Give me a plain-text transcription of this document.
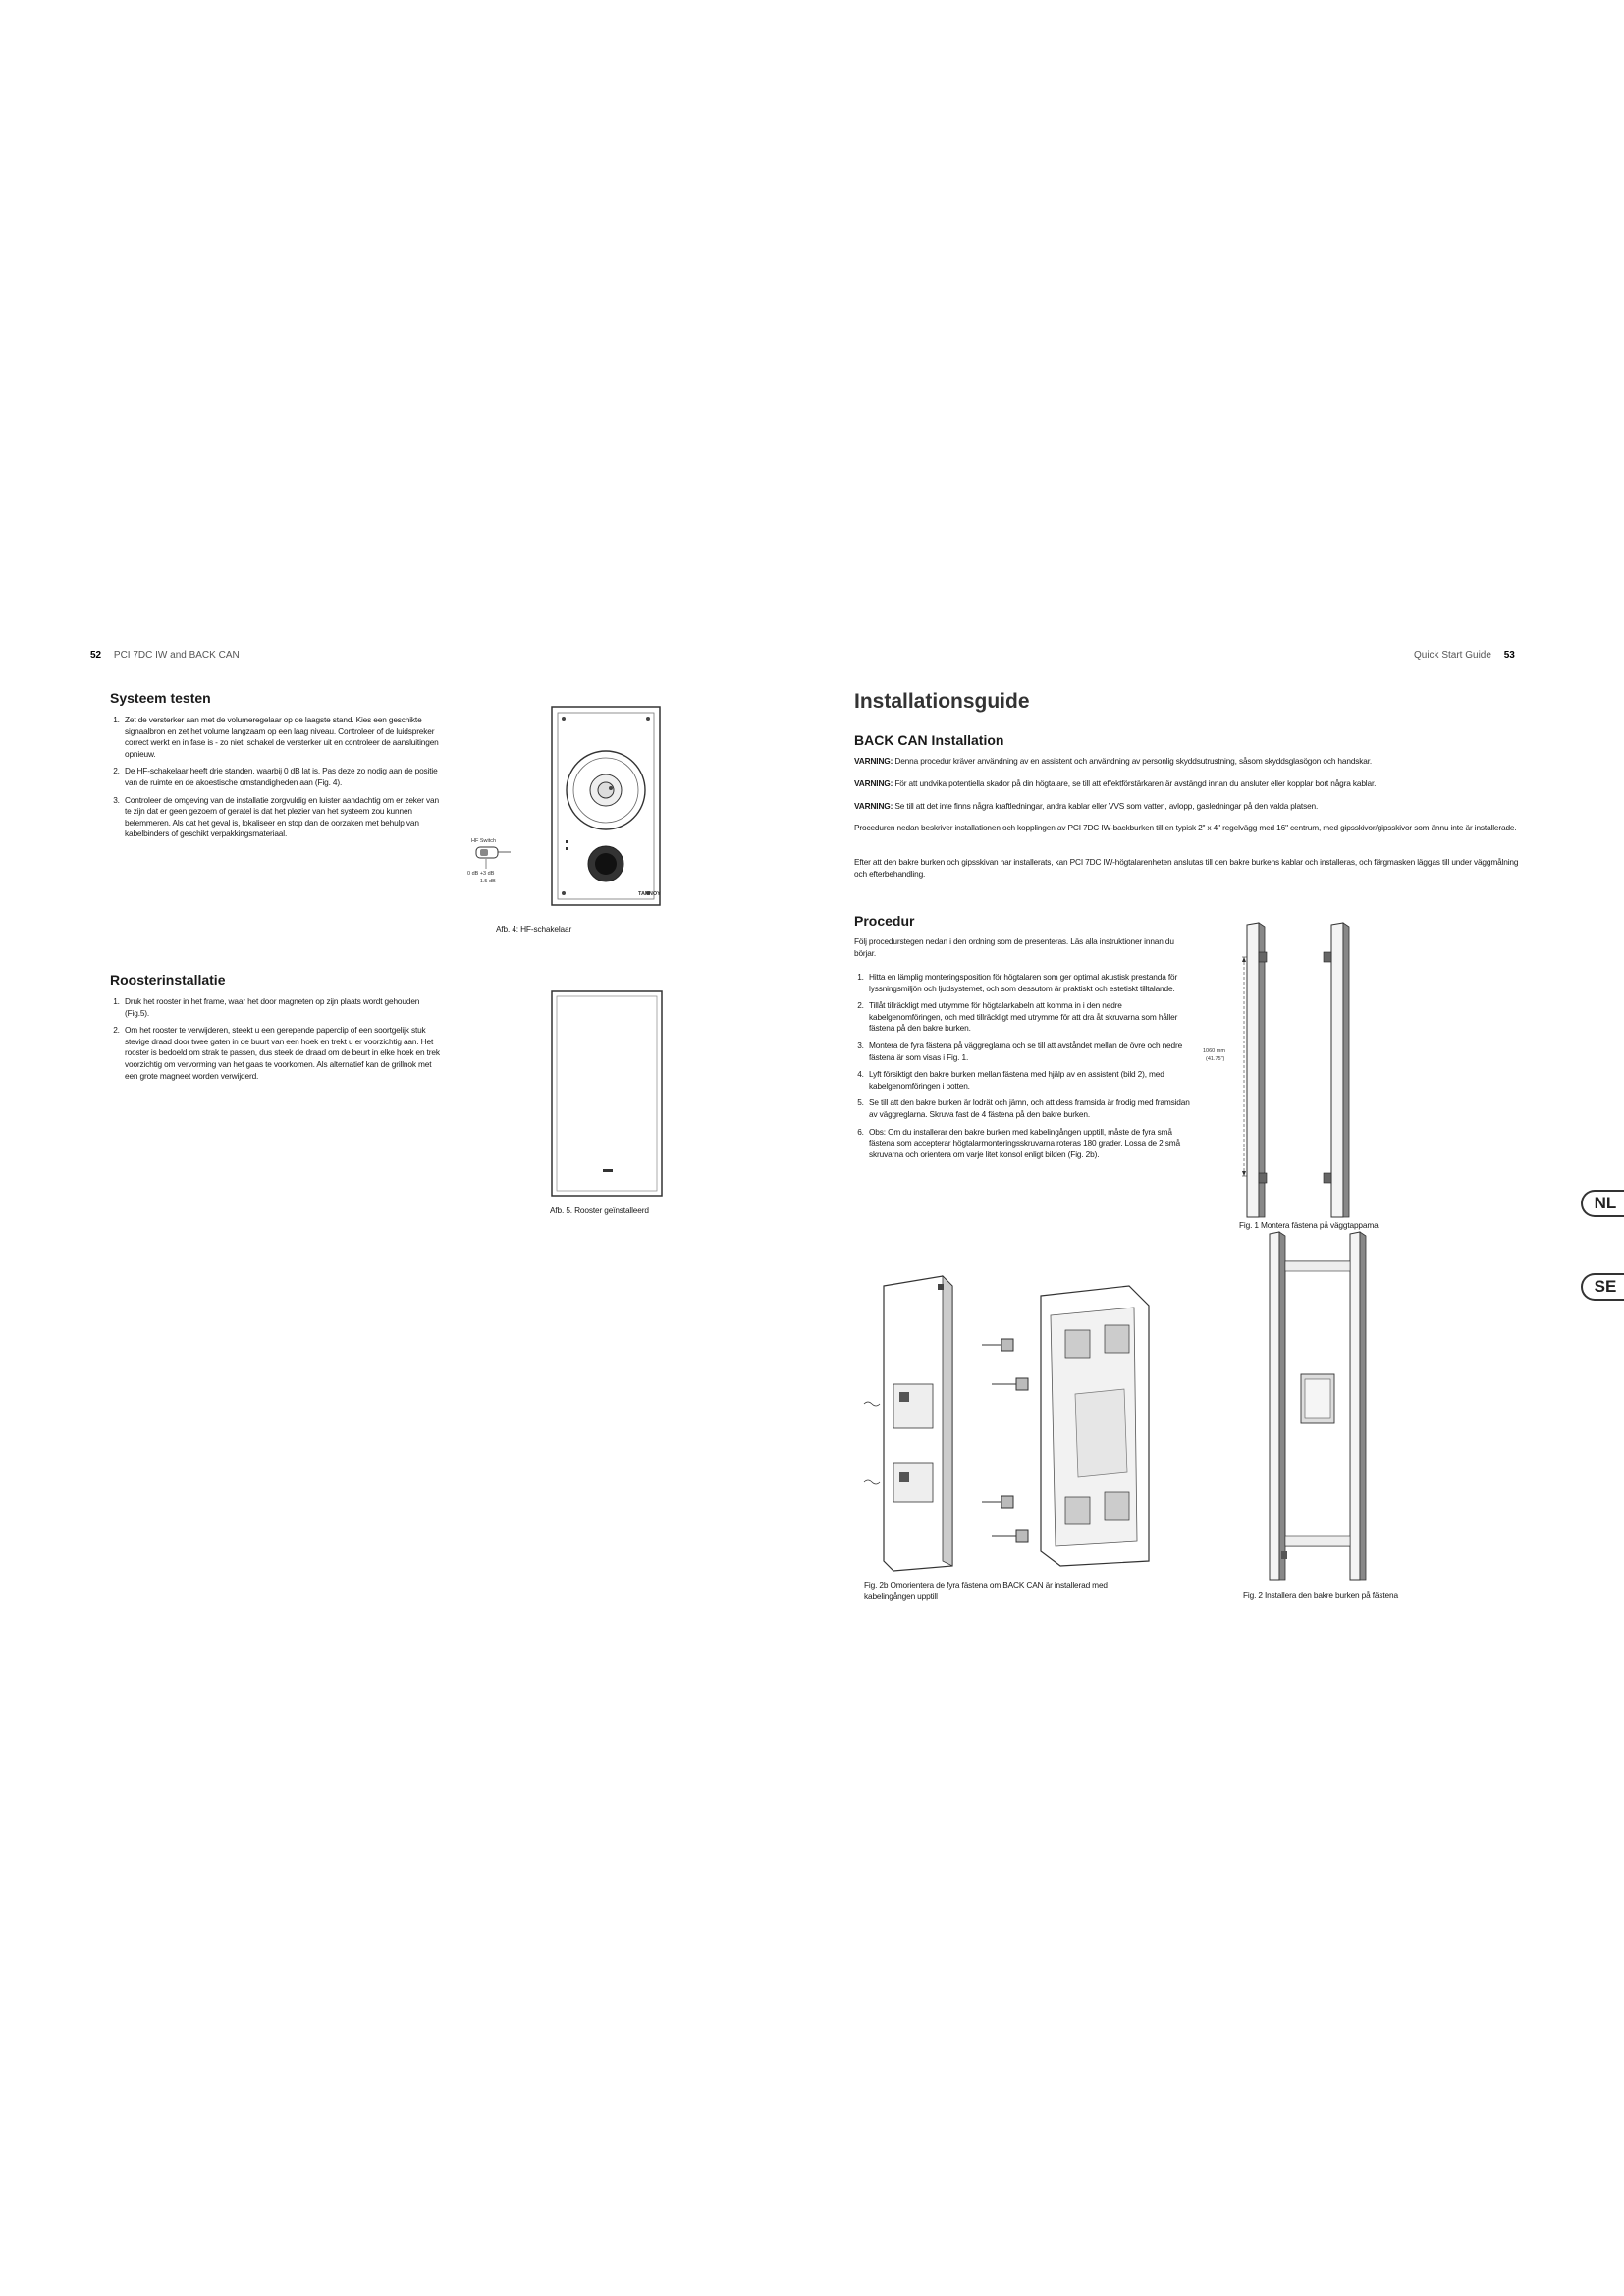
52 PCI 7DC IW and BACK CAN	Quick Start Guide 53
Systeem testen
1. Zet de versterker aan met de volumeregelaar op de laagste stand. Kies een geschikte signaalbron en zet het volume langzaam op een laag niveau. Controleer of de luidspreker correct werkt en in fase is - zo niet, schakel de versterker uit en controleer de aansluitingen opnieuw.
2. De HF-schakelaar heeft drie standen, waarbij 0 dB lat is. Pas deze zo nodig aan de positie van de ruimte en de akoestische omstandigheden aan (Fig. 4).
3. Controleer de omgeving van de installatie zorgvuldig en luister aandachtig om er zeker van te zijn dat er geen gezoem of geratel is dat het plezier van het systeem zou kunnen belemmeren. Als dat het geval is, lokaliseer en stop dan de oorzaken met behulp van kabelbinders of geschikt verpakkingsmateriaal.
TANNOY
HF Switch
0 dB +3 dB
-1.5 dB
Afb. 4: HF-schakelaar
Roosterinstallatie
1. Druk het rooster in het frame, waar het door magneten op zijn plaats wordt gehouden (Fig.5).
2. Om het rooster te verwijderen, steekt u een gerepende paperclip of een soortgelijk stuk stevige draad door twee gaten in de buurt van een hoek en trekt u er voorzichtig aan. Het rooster is bedoeld om strak te passen, dus steek de draad om de beurt in elke hoek en trek voorzichtig om vervorming van het gaas te voorkomen. Als alternatief kan de grillnok met een grote magneet worden verwijderd.
Afb. 5. Rooster geïnstalleerd
Installationsguide
BACK CAN Installation

VARNING: Denna procedur kräver användning av en assistent och användning av personlig skyddsutrustning, såsom skyddsglasögon och handskar.

VARNING: För att undvika potentiella skador på din högtalare, se till att effektförstärkaren är avstängd innan du ansluter eller kopplar bort några kablar.

VARNING: Se till att det inte finns några kraftledningar, andra kablar eller VVS som vatten, avlopp, gasledningar på den valda platsen.

Proceduren nedan beskriver installationen och kopplingen av PCI 7DC IW-backburken till en typisk 2" x 4" regelvägg med 16" centrum, med gipsskivor/gipsskivor som ännu inte är installerade.

Efter att den bakre burken och gipsskivan har installerats, kan PCI 7DC IW-högtalarenheten anslutas till den bakre burkens kablar och installeras, och färgmasken läggas till under väggmålning och efterbehandling.

Procedur

Följ procedurstegen nedan i den ordning som de presenteras. Läs alla instruktioner innan du börjar.

1. Hitta en lämplig monteringsposition för högtalaren som ger optimal akustisk prestanda för lyssningsmiljön och ljudsystemet, och som dessutom är praktiskt och estetiskt tilltalande.
2. Tillåt tillräckligt med utrymme för högtalarkabeln att komma in i den nedre kabelgenomföringen, och med tillräckligt med utrymme för att dra åt skruvarna som håller fästena på den bakre burken.
3. Montera de fyra fästena på väggreglarna och se till att avståndet mellan de övre och nedre fästena är som visas i Fig. 1.
4. Lyft försiktigt den bakre burken mellan fästena med hjälp av en assistent (bild 2), med kabelgenomföringen i botten.
5. Se till att den bakre burken är lodrät och jämn, och att dess framsida är frodig med framsidan av väggreglarna. Skruva fast de 4 fästena på den bakre burken.
6. Obs: Om du installerar den bakre burken med kabelingången upptill, måste de fyra små fästena som accepterar högtalarmonteringsskruvarna roteras 180 grader. Lossa de 2 små skruvarna och orientera om varje litet konsol enligt bilden (Fig. 2b).
1060 mm
(41.75")
Fig. 1 Montera fästena på väggtappama
Fig. 2 Installera den bakre burken på fästena
Fig. 2b Omorientera de fyra fästena om BACK CAN är installerad med
kabelingången upptill
NL
SE
